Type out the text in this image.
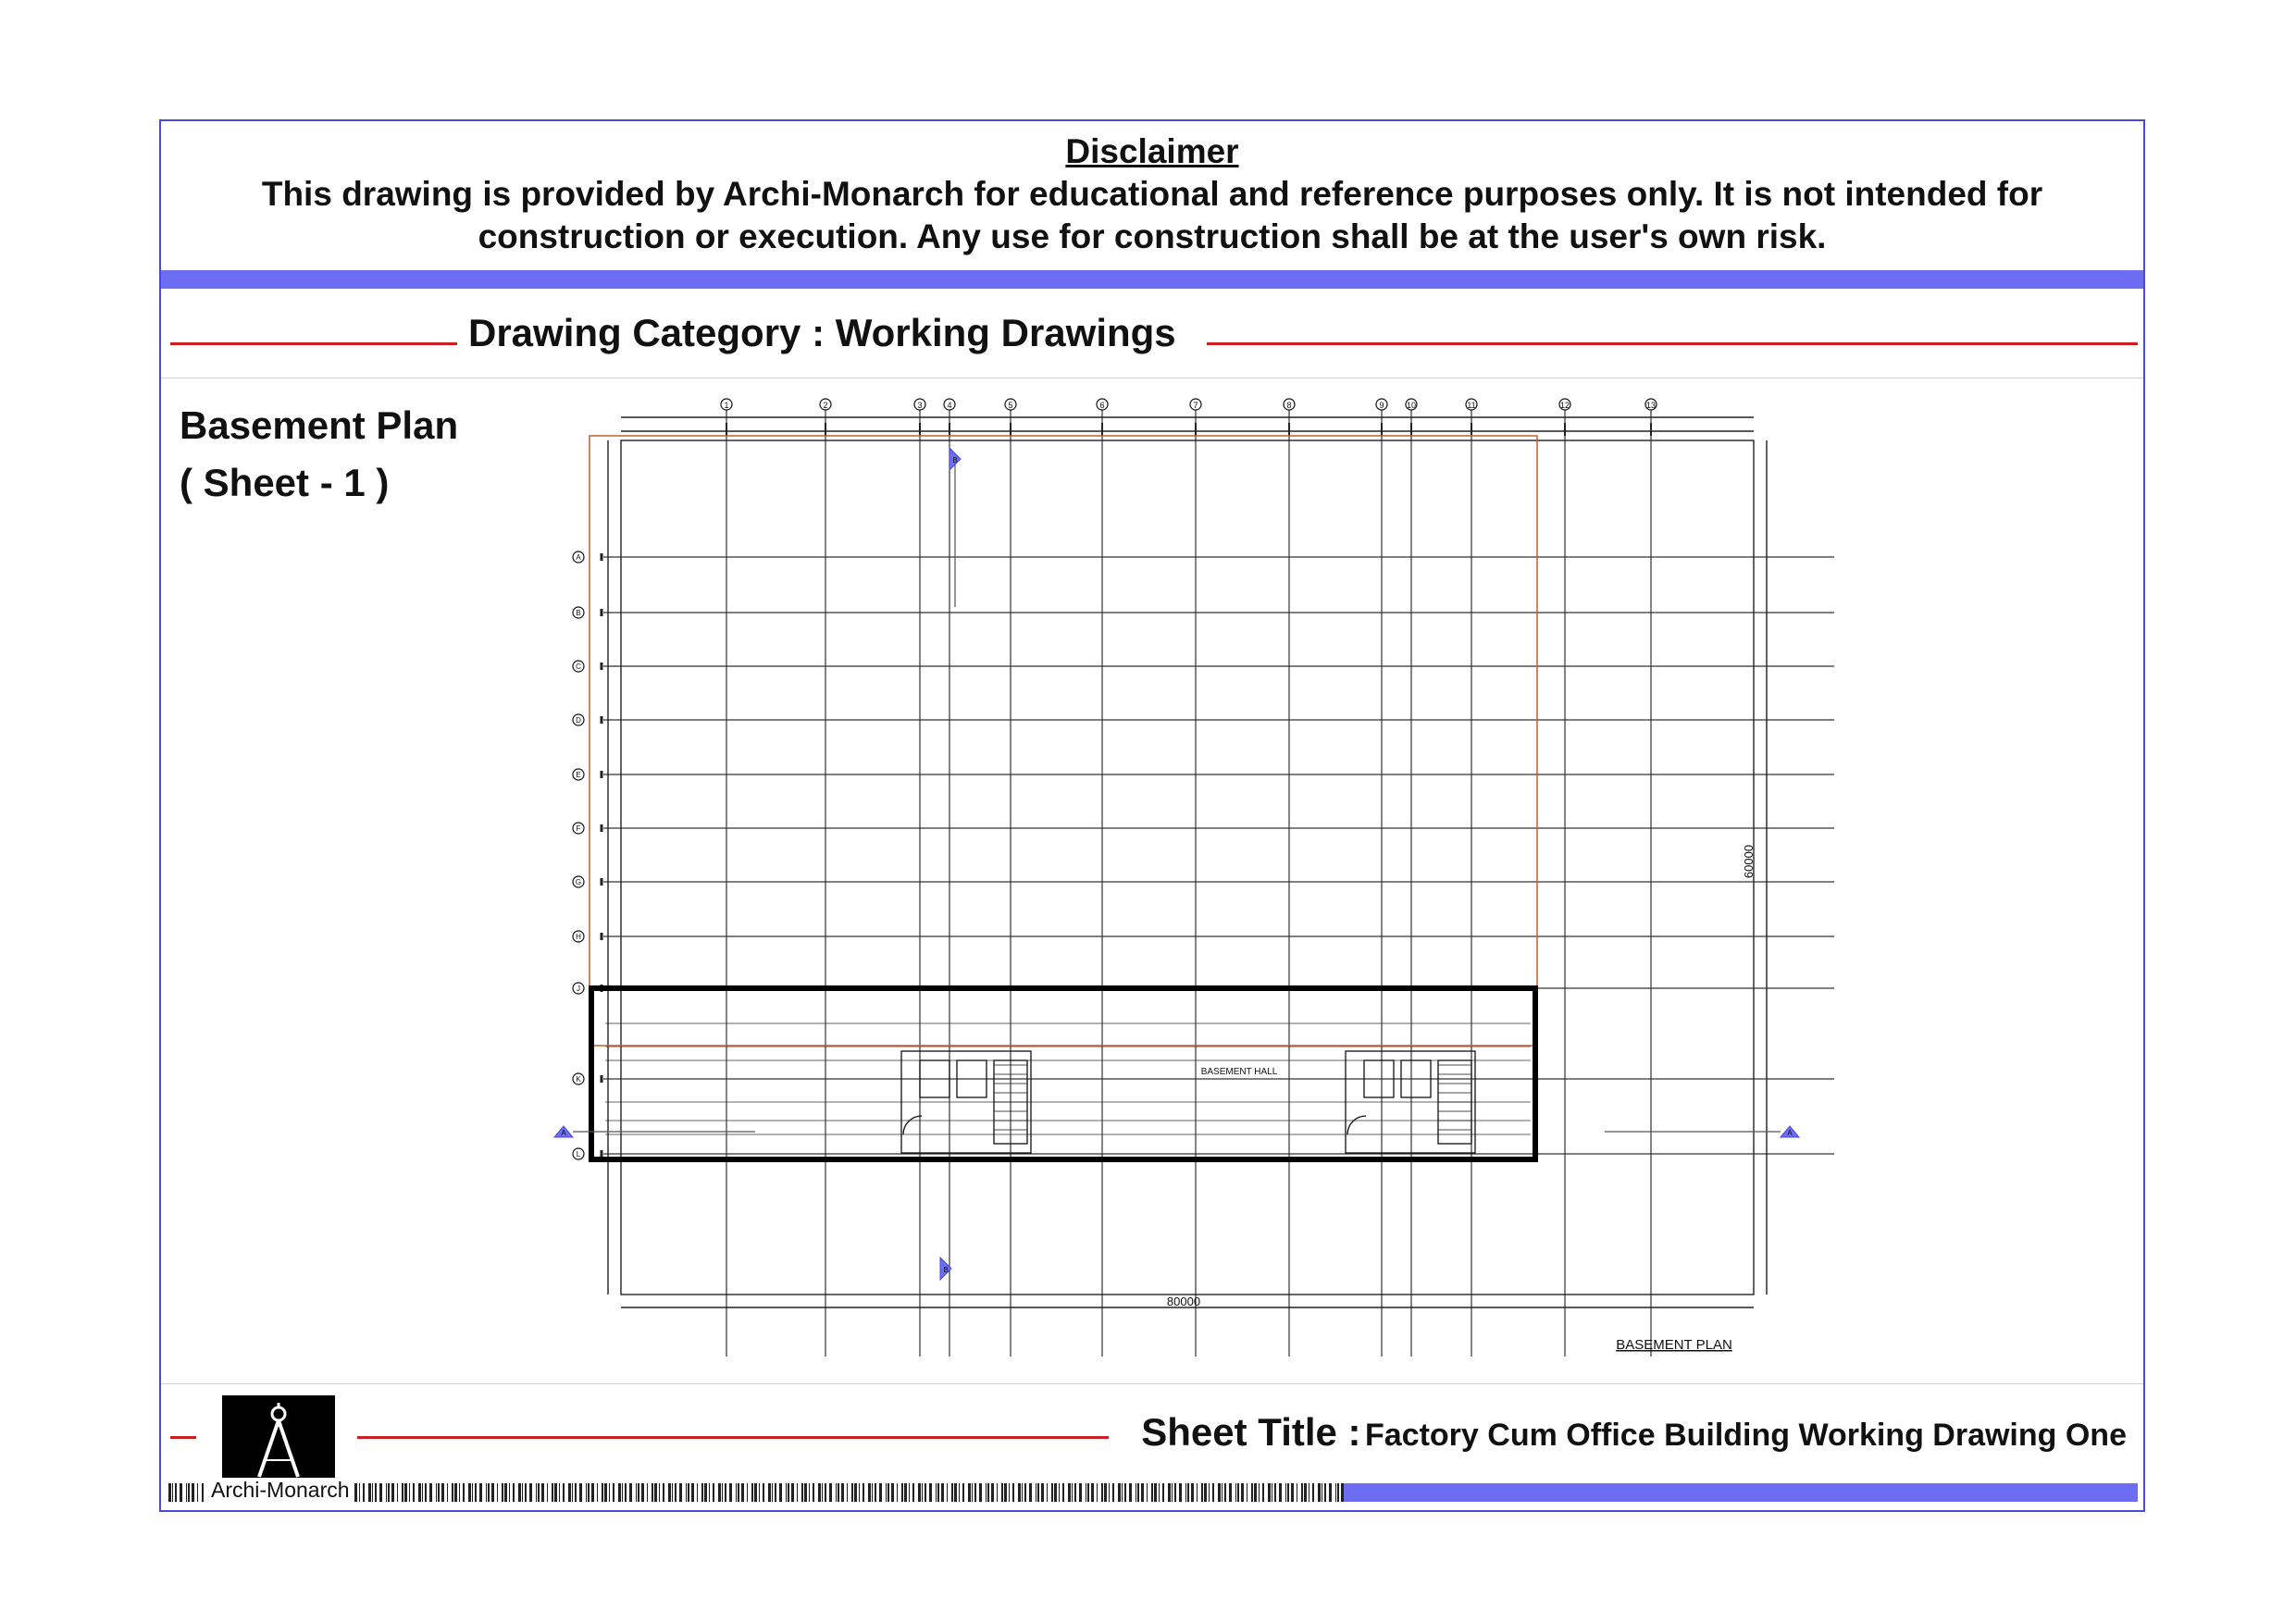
Disclaimer
This drawing is provided by Archi-Monarch for educational and reference purposes only. It is not intended for construction or execution. Any use for construction shall be at the user's own risk.
Drawing Category : Working Drawings
Basement Plan
( Sheet - 1 )
1	2	3	4	5	6	7	8	9	10	11	12	13
A
B
C
D
E
F
G
H
J
K
L
A	A
B
B
80000
60000
BASEMENT HALL
BASEMENT PLAN
Archi-Monarch
Sheet Title : Factory Cum Office Building Working Drawing One
